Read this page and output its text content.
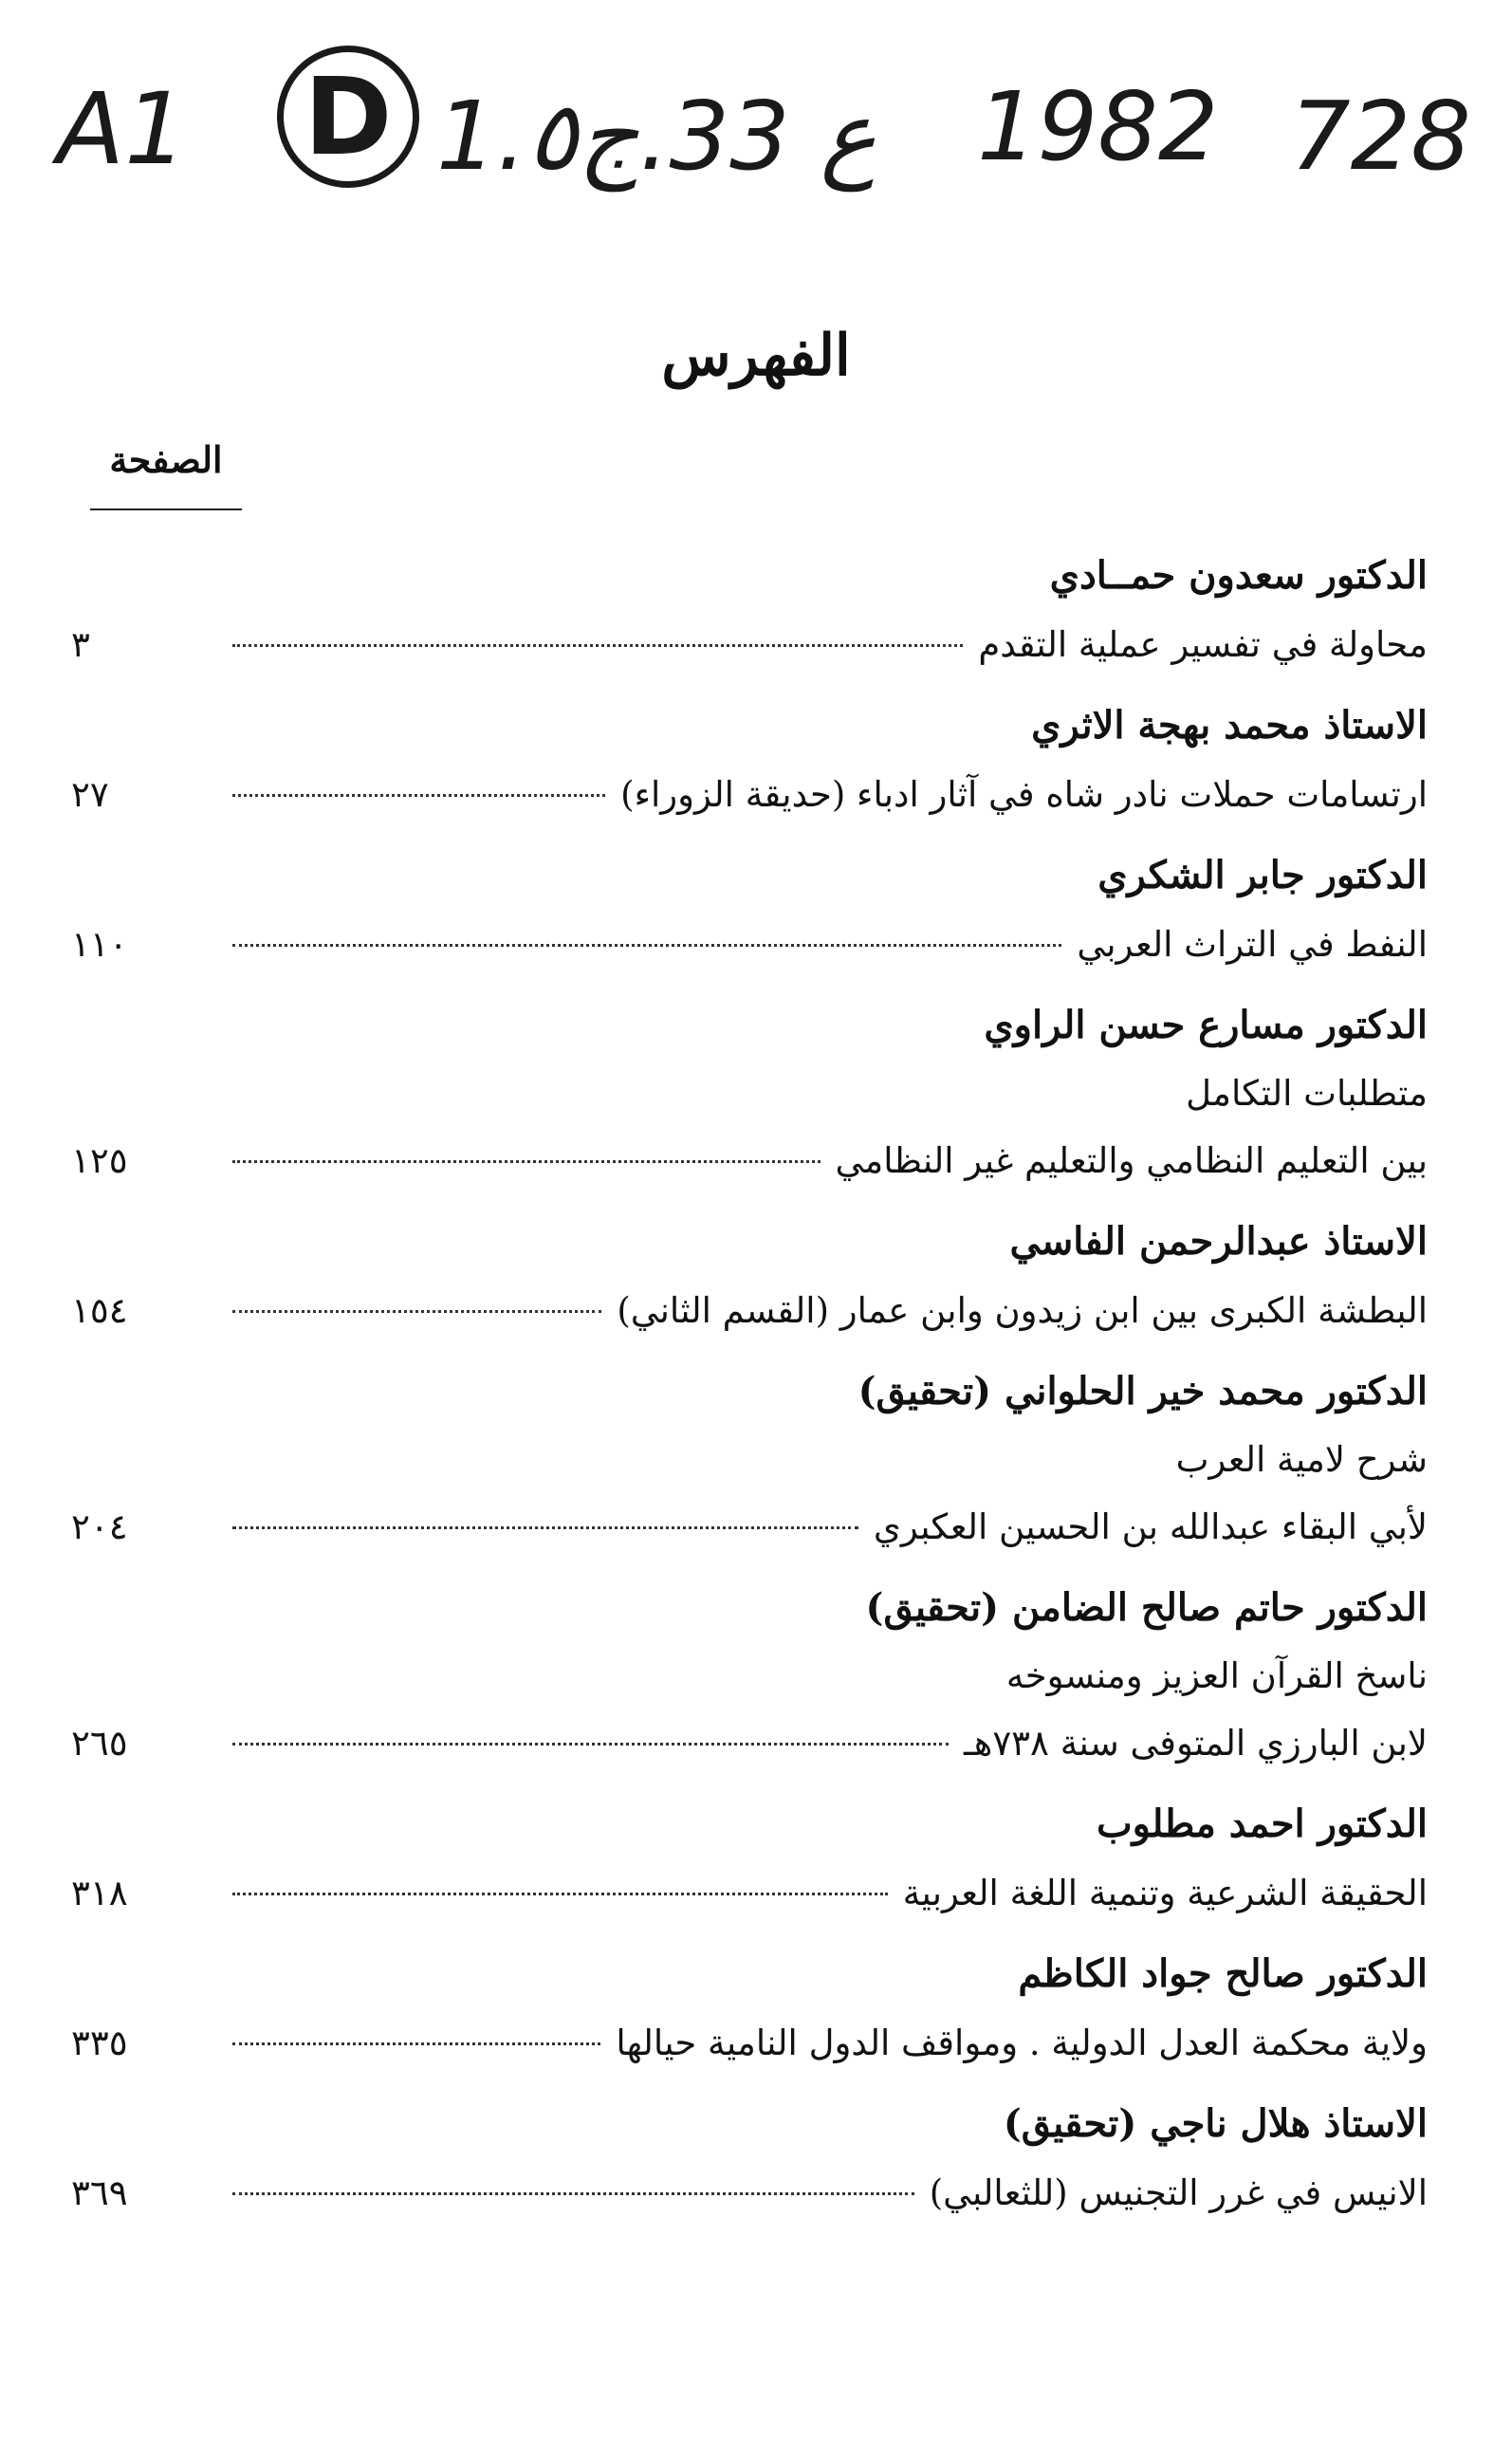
A1 D 1.ع 33.ج٥ 1982 728
الفهرس
الصفحة
الدكتور سعدون حمــادي
محاولة في تفسير عملية التقدم
٣
الاستاذ محمد بهجة الاثري
ارتسامات حملات نادر شاه في آثار ادباء (حديقة الزوراء)
٢٧
الدكتور جابر الشكري
النفط في التراث العربي
١١٠
الدكتور مسارع حسن الراوي
متطلبات التكامل
بين التعليم النظامي والتعليم غير النظامي
١٢٥
الاستاذ عبدالرحمن الفاسي
البطشة الكبرى بين ابن زيدون وابن عمار (القسم الثاني)
١٥٤
الدكتور محمد خير الحلواني (تحقيق)
شرح لامية العرب
لأبي البقاء عبدالله بن الحسين العكبري
٢٠٤
الدكتور حاتم صالح الضامن (تحقيق)
ناسخ القرآن العزيز ومنسوخه
لابن البارزي المتوفى سنة ٧٣٨هـ
٢٦٥
الدكتور احمد مطلوب
الحقيقة الشرعية وتنمية اللغة العربية
٣١٨
الدكتور صالح جواد الكاظم
ولاية محكمة العدل الدولية . ومواقف الدول النامية حيالها
٣٣٥
الاستاذ هلال ناجي (تحقيق)
الانيس في غرر التجنيس (للثعالبي)
٣٦٩
